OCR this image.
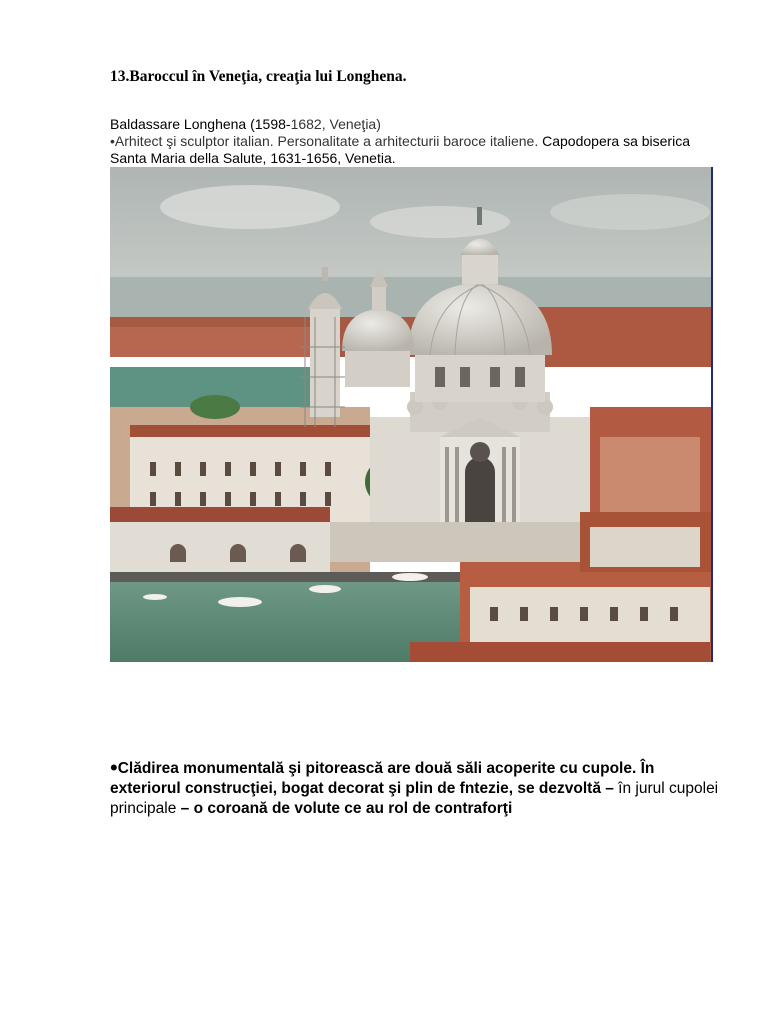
13.Baroccul în Veneţia, creaţia lui Longhena.
Baldassare Longhena (1598-1682, Veneţia)
•Arhitect şi sculptor italian. Personalitate a arhitecturii baroce italiene. Capodopera sa biserica Santa Maria della Salute, 1631-1656, Venetia.
•Clădirea monumentală şi pitorească are două săli acoperite cu cupole. În exteriorul construcţiei, bogat decorat şi plin de fntezie, se dezvoltă – în jurul cupolei principale – o coroană de volute ce au rol de contraforţi
